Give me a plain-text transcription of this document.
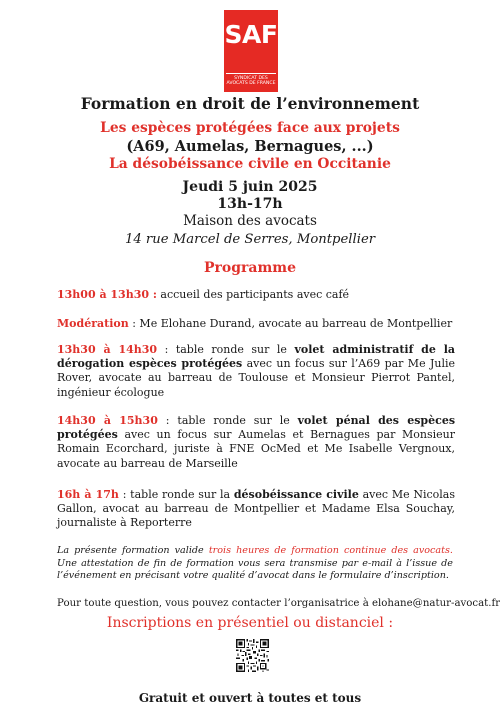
SAF
SYNDICAT DES
AVOCATS DE FRANCE
Formation en droit de l’environnement
Les espèces protégées face aux projets
(A69, Aumelas, Bernagues, ...)
La désobéissance civile en Occitanie
Jeudi 5 juin 2025
13h-17h
Maison des avocats
14 rue Marcel de Serres, Montpellier
Programme
13h00 à 13h30 : accueil des participants avec café
Modération : Me Elohane Durand, avocate au barreau de Montpellier
13h30 à 14h30 : table ronde sur le volet administratif de la dérogation espèces protégées avec un focus sur l’A69 par Me Julie Rover, avocate au barreau de Toulouse et Monsieur Pierrot Pantel, ingénieur écologue
14h30 à 15h30 : table ronde sur le volet pénal des espèces protégées avec un focus sur Aumelas et Bernagues par Monsieur Romain Ecorchard, juriste à FNE OcMed et Me Isabelle Vergnoux, avocate au barreau de Marseille
16h à 17h : table ronde sur la désobéissance civile avec Me Nicolas Gallon, avocat au barreau de Montpellier et Madame Elsa Souchay, journaliste à Reporterre
La présente formation valide trois heures de formation continue des avocats. Une attestation de fin de formation vous sera transmise par e-mail à l’issue de l’événement en précisant votre qualité d’avocat dans le formulaire d’inscription.
Pour toute question, vous pouvez contacter l’organisatrice à elohane@natur-avocat.fr
Inscriptions en présentiel ou distanciel :
Gratuit et ouvert à toutes et tous
